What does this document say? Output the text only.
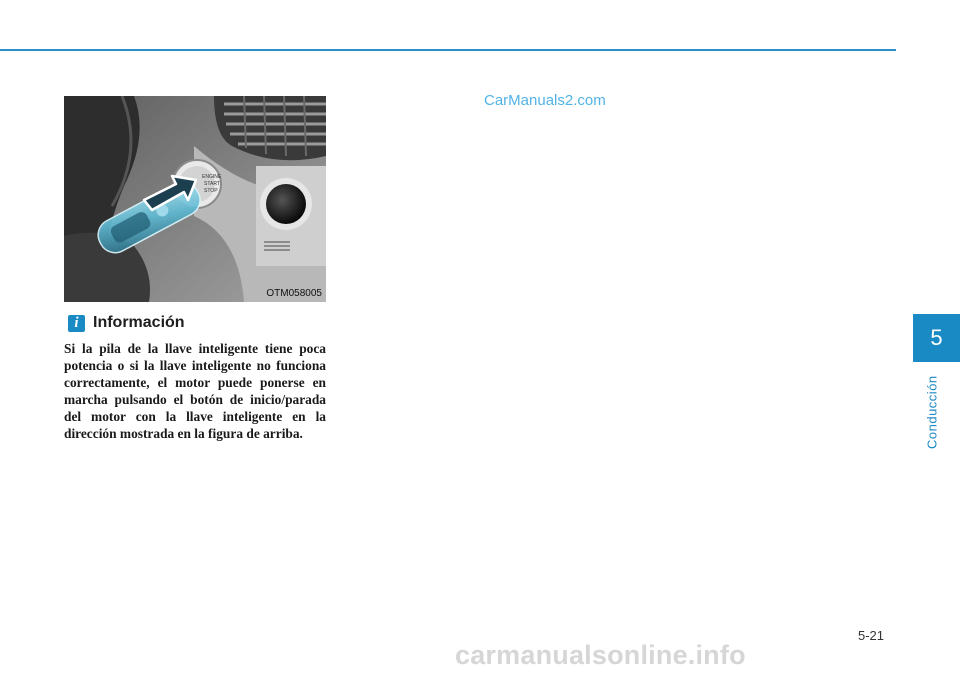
CarManuals2.com
ENGINE
START
STOP
OTM058005
i Información

Si la pila de la llave inteligente tiene poca potencia o si la llave inteligente no funciona correctamente, el motor puede ponerse en marcha pulsando el botón de inicio/parada del motor con la llave inteligente en la dirección mostrada en la figura de arriba.

5
Conducción
5-21
carmanualsonline.info
